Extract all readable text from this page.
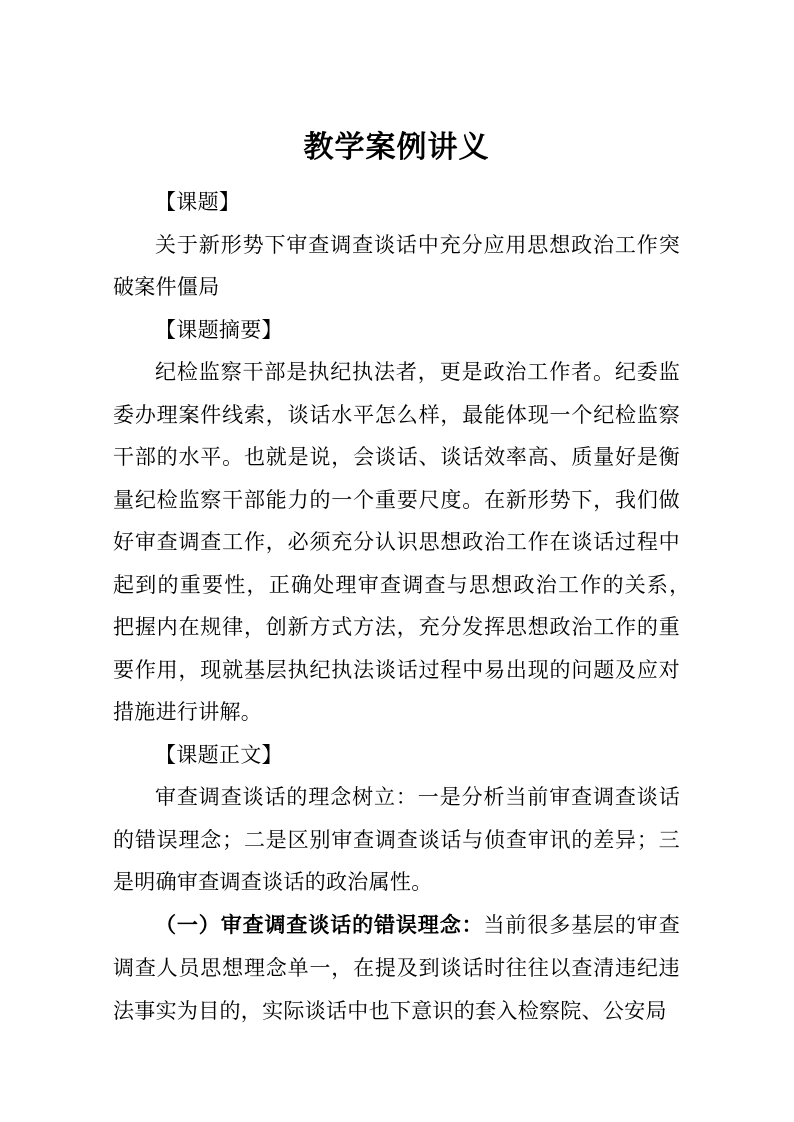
教学案例讲义

【课题】

关于新形势下审查调查谈话中充分应用思想政治工作突破案件僵局

【课题摘要】

纪检监察干部是执纪执法者，更是政治工作者。纪委监委办理案件线索，谈话水平怎么样，最能体现一个纪检监察干部的水平。也就是说，会谈话、谈话效率高、质量好是衡量纪检监察干部能力的一个重要尺度。在新形势下，我们做好审查调查工作，必须充分认识思想政治工作在谈话过程中起到的重要性，正确处理审查调查与思想政治工作的关系，　把握内在规律，创新方式方法，充分发挥思想政治工作的重要作用，现就基层执纪执法谈话过程中易出现的问题及应对措施进行讲解。

【课题正文】

审查调查谈话的理念树立：一是分析当前审查调查谈话的错误理念；二是区别审查调查谈话与侦查审讯的差异；三是明确审查调查谈话的政治属性。

（一）审查调查谈话的错误理念：当前很多基层的审查调查人员思想理念单一，在提及到谈话时往往以查清违纪违法事实为目的，实际谈话中也下意识的套入检察院、公安局
